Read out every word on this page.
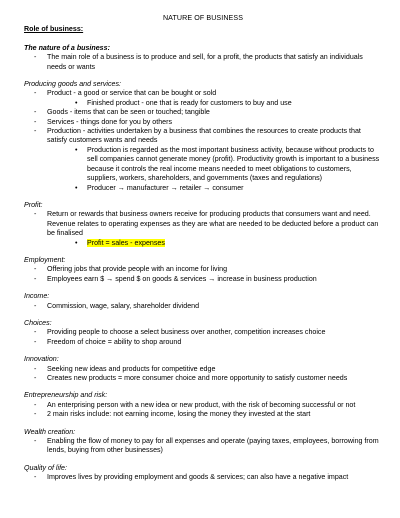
NATURE OF BUSINESS
Role of business:
The nature of a business:
- The main role of a business is to produce and sell, for a profit, the products that satisfy an individuals needs or wants
Producing goods and services:
- Product - a good or service that can be bought or sold
• Finished product - one that is ready for customers to buy and use
- Goods - items that can be seen or touched; tangible
- Services - things done for you by others
- Production - activities undertaken by a business that combines the resources to create products that satisfy customers wants and needs
• Production is regarded as the most important business activity, because without products to sell companies cannot generate money (profit). Productivity growth is important to a business because it controls the real income means needed to meet obligations to customers, suppliers, workers, shareholders, and governments (taxes and regulations)
• Producer → manufacturer → retailer → consumer
Profit:
- Return or rewards that business owners receive for producing products that consumers want and need. Revenue relates to operating expenses as they are what are needed to be deducted before a product can be finalised
• Profit = sales - expenses
Employment:
- Offering jobs that provide people with an income for living
- Employees earn $ → spend $ on goods & services → increase in business production
Income:
- Commission, wage, salary, shareholder dividend
Choices:
- Providing people to choose a select business over another, competition increases choice
- Freedom of choice = ability to shop around
Innovation:
- Seeking new ideas and products for competitive edge
- Creates new products = more consumer choice and more opportunity to satisfy customer needs
Entrepreneurship and risk:
- An enterprising person with a new idea or new product, with the risk of becoming successful or not
- 2 main risks include: not earning income, losing the money they invested at the start
Wealth creation:
- Enabling the flow of money to pay for all expenses and operate (paying taxes, employees, borrowing from lends, buying from other businesses)
Quality of life:
- Improves lives by providing employment and goods & services; can also have a negative impact
